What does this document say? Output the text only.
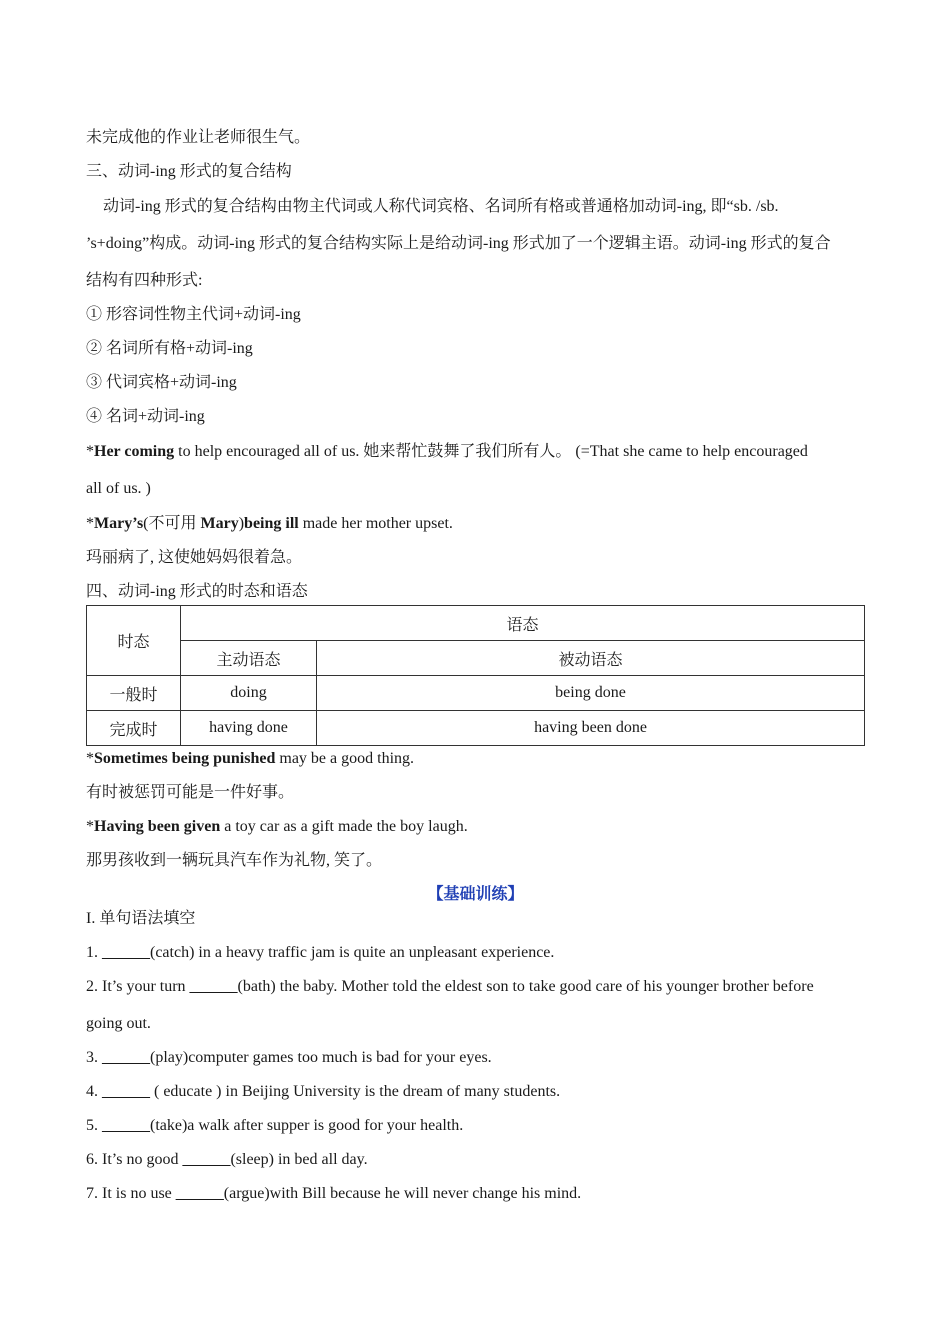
未完成他的作业让老师很生气。

三、动词-ing 形式的复合结构

动词-ing 形式的复合结构由物主代词或人称代词宾格、名词所有格或普通格加动词-ing, 即“sb. /sb.

’s+doing”构成。动词-ing 形式的复合结构实际上是给动词-ing 形式加了一个逻辑主语。动词-ing 形式的复合

结构有四种形式:

① 形容词性物主代词+动词-ing

② 名词所有格+动词-ing

③ 代词宾格+动词-ing

④ 名词+动词-ing

*Her coming to help encouraged all of us. 她来帮忙鼓舞了我们所有人。 (=That she came to help encouraged

all of us. )

*Mary’s(不可用 Mary)being ill made her mother upset.

玛丽病了, 这使她妈妈很着急。

四、动词-ing 形式的时态和语态

时态	语态	
	主动语态	被动语态
一般时	doing	being done
完成时	having done	having been done

*Sometimes being punished may be a good thing.

有时被惩罚可能是一件好事。

*Having been given a toy car as a gift made the boy laugh.

那男孩收到一辆玩具汽车作为礼物, 笑了。

【基础训练】

I. 单句语法填空

1. ______(catch) in a heavy traffic jam is quite an unpleasant experience.

2. It’s your turn ______(bath) the baby. Mother told the eldest son to take good care of his younger brother before

going out.

3. ______(play)computer games too much is bad for your eyes.

4. ______ ( educate ) in Beijing University is the dream of many students.

5. ______(take)a walk after supper is good for your health.

6. It’s no good ______(sleep) in bed all day.

7. It is no use ______(argue)with Bill because he will never change his mind.
